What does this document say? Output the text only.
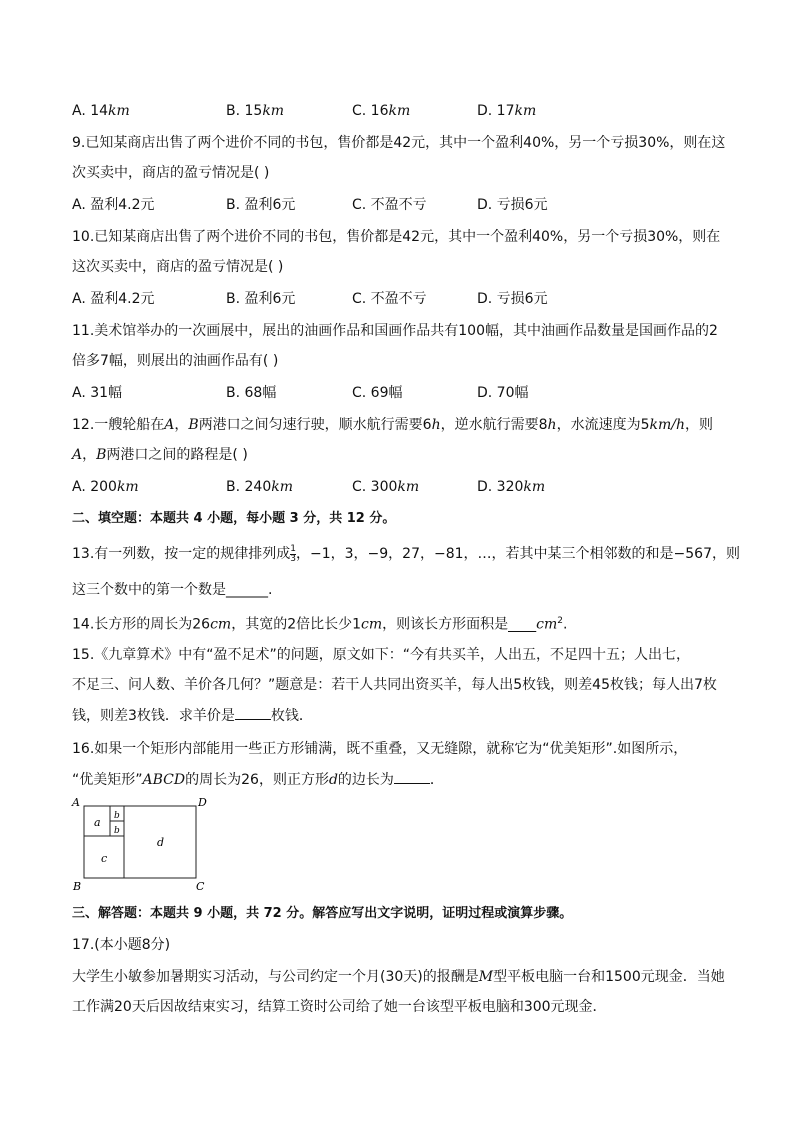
A. 14km	B. 15km	C. 16km	D. 17km
9.已知某商店出售了两个进价不同的书包，售价都是42元，其中一个盈利40%，另一个亏损30%，则在这
次买卖中，商店的盈亏情况是( )
A. 盈利4.2元	B. 盈利6元	C. 不盈不亏	D. 亏损6元
10.已知某商店出售了两个进价不同的书包，售价都是42元，其中一个盈利40%，另一个亏损30%，则在
这次买卖中，商店的盈亏情况是( )
A. 盈利4.2元	B. 盈利6元	C. 不盈不亏	D. 亏损6元
11.美术馆举办的一次画展中，展出的油画作品和国画作品共有100幅，其中油画作品数量是国画作品的2
倍多7幅，则展出的油画作品有( )
A. 31幅	B. 68幅	C. 69幅	D. 70幅
12.一艘轮船在A，B两港口之间匀速行驶，顺水航行需要6h，逆水航行需要8h，水流速度为5km/h，则
A，B两港口之间的路程是( )
A. 200km	B. 240km	C. 300km	D. 320km
二、填空题：本题共 4 小题，每小题 3 分，共 12 分。
13.有一列数，按一定的规律排列成 $\frac{1}{3}$ ，−1，3，−9，27，−81，…，若其中某三个相邻数的和是−567，则
这三个数中的第一个数是______.
14.长方形的周长为26cm，其宽的2倍比长少1cm，则该长方形面积是$\_\_\_\_cm^2$.
15.《九章算术》中有“盈不足术”的问题，原文如下：“今有共买羊，人出五，不足四十五；人出七，
不足三、问人数、羊价各几何？”题意是：若干人共同出资买羊，每人出5枚钱，则差45枚钱；每人出7枚
钱，则差3枚钱．求羊价是	枚钱．
16.如果一个矩形内部能用一些正方形铺满，既不重叠，又无缝隙，就称它为“优美矩形”.如图所示，
“优美矩形”ABCD的周长为26，则正方形d的边长为	．
A	D
B	C
a b
b
c
d
三、解答题：本题共 9 小题，共 72 分。解答应写出文字说明，证明过程或演算步骤。
17.(本小题8分)
大学生小敏参加暑期实习活动，与公司约定一个月(30天)的报酬是M型平板电脑一台和1500元现金．当她
工作满20天后因故结束实习，结算工资时公司给了她一台该型平板电脑和300元现金．
